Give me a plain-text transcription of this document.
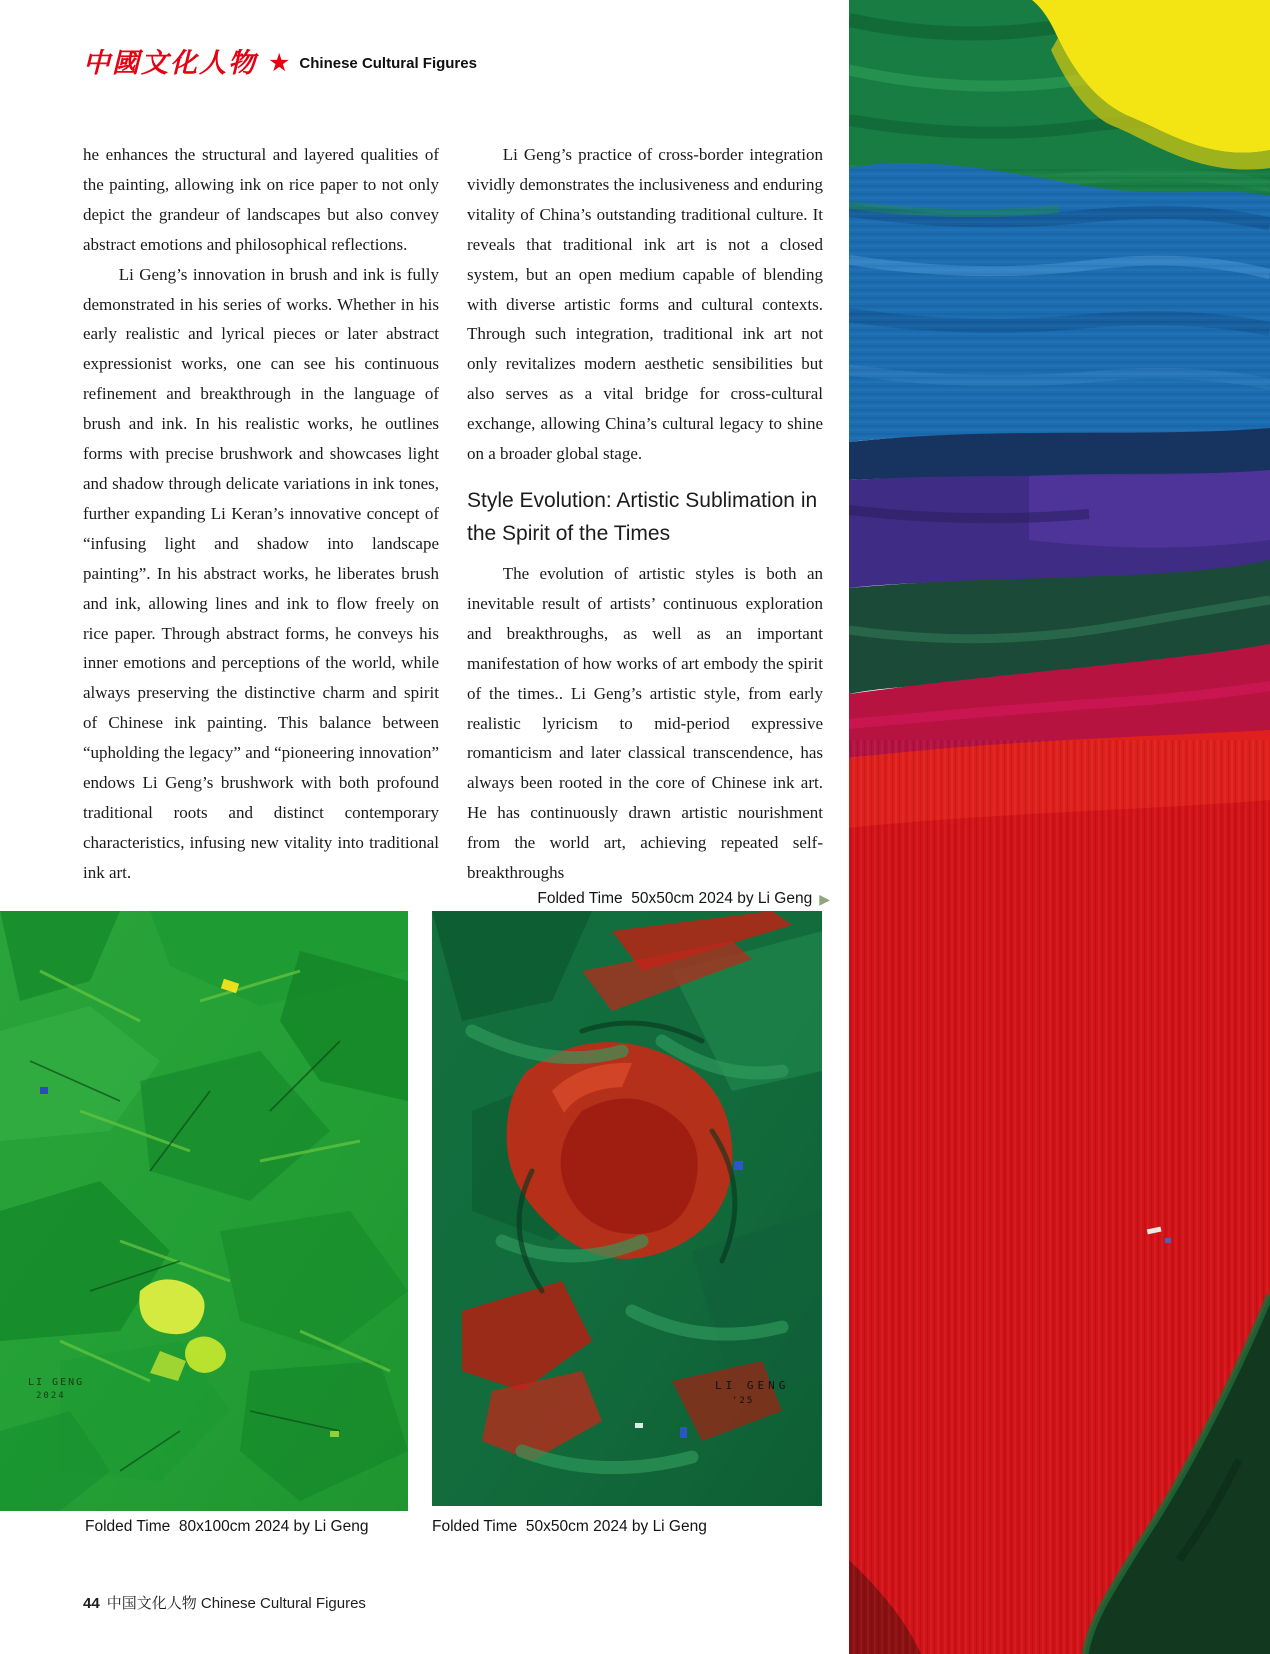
中國文化人物 ★ Chinese Cultural Figures

he enhances the structural and layered qualities of the painting, allowing ink on rice paper to not only depict the grandeur of landscapes but also convey abstract emotions and philosophical reflections.

Li Geng’s innovation in brush and ink is fully demonstrated in his series of works. Whether in his early realistic and lyrical pieces or later abstract expressionist works, one can see his continuous refinement and breakthrough in the language of brush and ink. In his realistic works, he outlines forms with precise brushwork and showcases light and shadow through delicate variations in ink tones, further expanding Li Keran’s innovative concept of “infusing light and shadow into landscape painting”. In his abstract works, he liberates brush and ink, allowing lines and ink to flow freely on rice paper. Through abstract forms, he conveys his inner emotions and perceptions of the world, while always preserving the distinctive charm and spirit of Chinese ink painting. This balance between “upholding the legacy” and “pioneering innovation” endows Li Geng’s brushwork with both profound traditional roots and distinct contemporary characteristics, infusing new vitality into traditional ink art.

Li Geng’s practice of cross-border integration vividly demonstrates the inclusiveness and enduring vitality of China’s outstanding traditional culture. It reveals that traditional ink art is not a closed system, but an open medium capable of blending with diverse artistic forms and cultural contexts. Through such integration, traditional ink art not only revitalizes modern aesthetic sensibilities but also serves as a vital bridge for cross-cultural exchange, allowing China’s cultural legacy to shine on a broader global stage.

Style Evolution: Artistic Sublimation in the Spirit of the Times

The evolution of artistic styles is both an inevitable result of artists’ continuous exploration and breakthroughs, as well as an important manifestation of how works of art embody the spirit of the times.. Li Geng’s artistic style, from early realistic lyricism to mid-period expressive romanticism and later classical transcendence, has always been rooted in the core of Chinese ink art. He has continuously drawn artistic nourishment from the world art, achieving repeated self-breakthroughs

Folded Time  50x50cm 2024 by Li Geng ▶
LI GENG
2024
LI GENG
'25
Folded Time  80x100cm 2024 by Li Geng	Folded Time  50x50cm 2024 by Li Geng
44 中国文化人物 Chinese Cultural Figures
